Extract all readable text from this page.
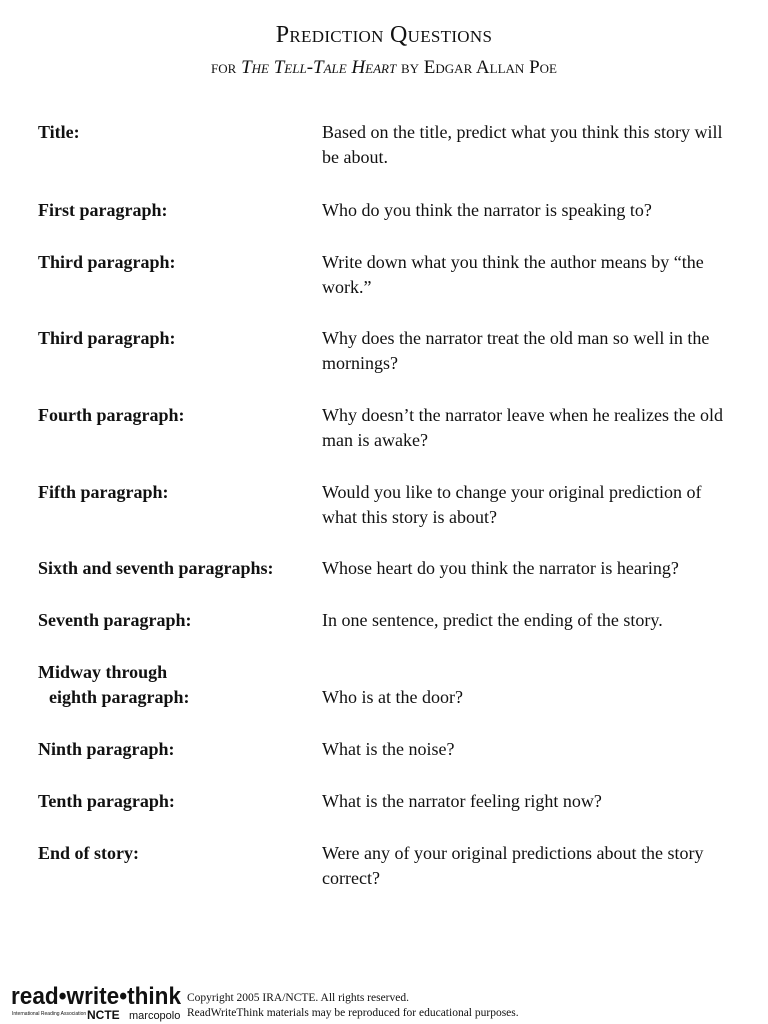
Prediction Questions
for The Tell-Tale Heart by Edgar Allan Poe
Title:	Based on the title, predict what you think this story will be about.
First paragraph:	Who do you think the narrator is speaking to?
Third paragraph:	Write down what you think the author means by “the work.”
Third paragraph:	Why does the narrator treat the old man so well in the mornings?
Fourth paragraph:	Why doesn’t the narrator leave when he realizes the old man is awake?
Fifth paragraph:	Would you like to change your original prediction of what this story is about?
Sixth and seventh paragraphs:	Whose heart do you think the narrator is hearing?
Seventh paragraph:	In one sentence, predict the ending of the story.
Midway through
eighth paragraph:	Who is at the door?
Ninth paragraph:	What is the noise?
Tenth paragraph:	What is the narrator feeling right now?
End of story:	Were any of your original predictions about the story correct?
read•write•think
International Reading Association NCTE marcopolo
Copyright 2005 IRA/NCTE. All rights reserved.
ReadWriteThink materials may be reproduced for educational purposes.
